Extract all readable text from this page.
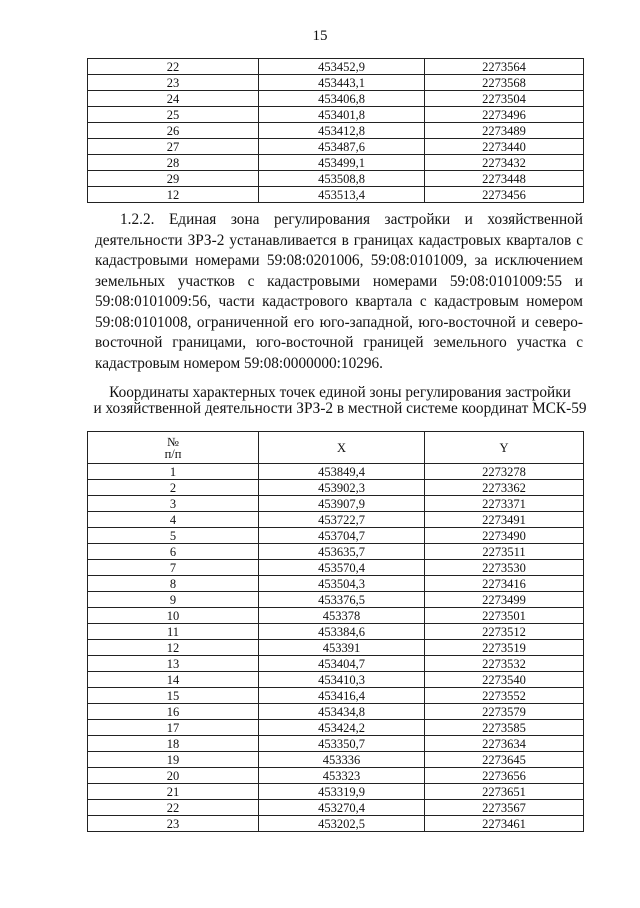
15
22	453452,9	2273564
23	453443,1	2273568
24	453406,8	2273504
25	453401,8	2273496
26	453412,8	2273489
27	453487,6	2273440
28	453499,1	2273432
29	453508,8	2273448
12	453513,4	2273456
1.2.2. Единая зона регулирования застройки и хозяйственной деятельности ЗРЗ-2 устанавливается в границах кадастровых кварталов с кадастровыми номерами 59:08:0201006, 59:08:0101009, за исключением земельных участков с кадастровыми номерами 59:08:0101009:55 и 59:08:0101009:56, части кадастрового квартала с кадастровым номером 59:08:0101008, ограниченной его юго-западной, юго-восточной и северо-восточной границами, юго-восточной границей земельного участка с кадастровым номером 59:08:0000000:10296.
Координаты характерных точек единой зоны регулирования застройки
и хозяйственной деятельности ЗРЗ-2 в местной системе координат МСК-59
№
п/п	X	Y
1	453849,4	2273278
2	453902,3	2273362
3	453907,9	2273371
4	453722,7	2273491
5	453704,7	2273490
6	453635,7	2273511
7	453570,4	2273530
8	453504,3	2273416
9	453376,5	2273499
10	453378	2273501
11	453384,6	2273512
12	453391	2273519
13	453404,7	2273532
14	453410,3	2273540
15	453416,4	2273552
16	453434,8	2273579
17	453424,2	2273585
18	453350,7	2273634
19	453336	2273645
20	453323	2273656
21	453319,9	2273651
22	453270,4	2273567
23	453202,5	2273461
